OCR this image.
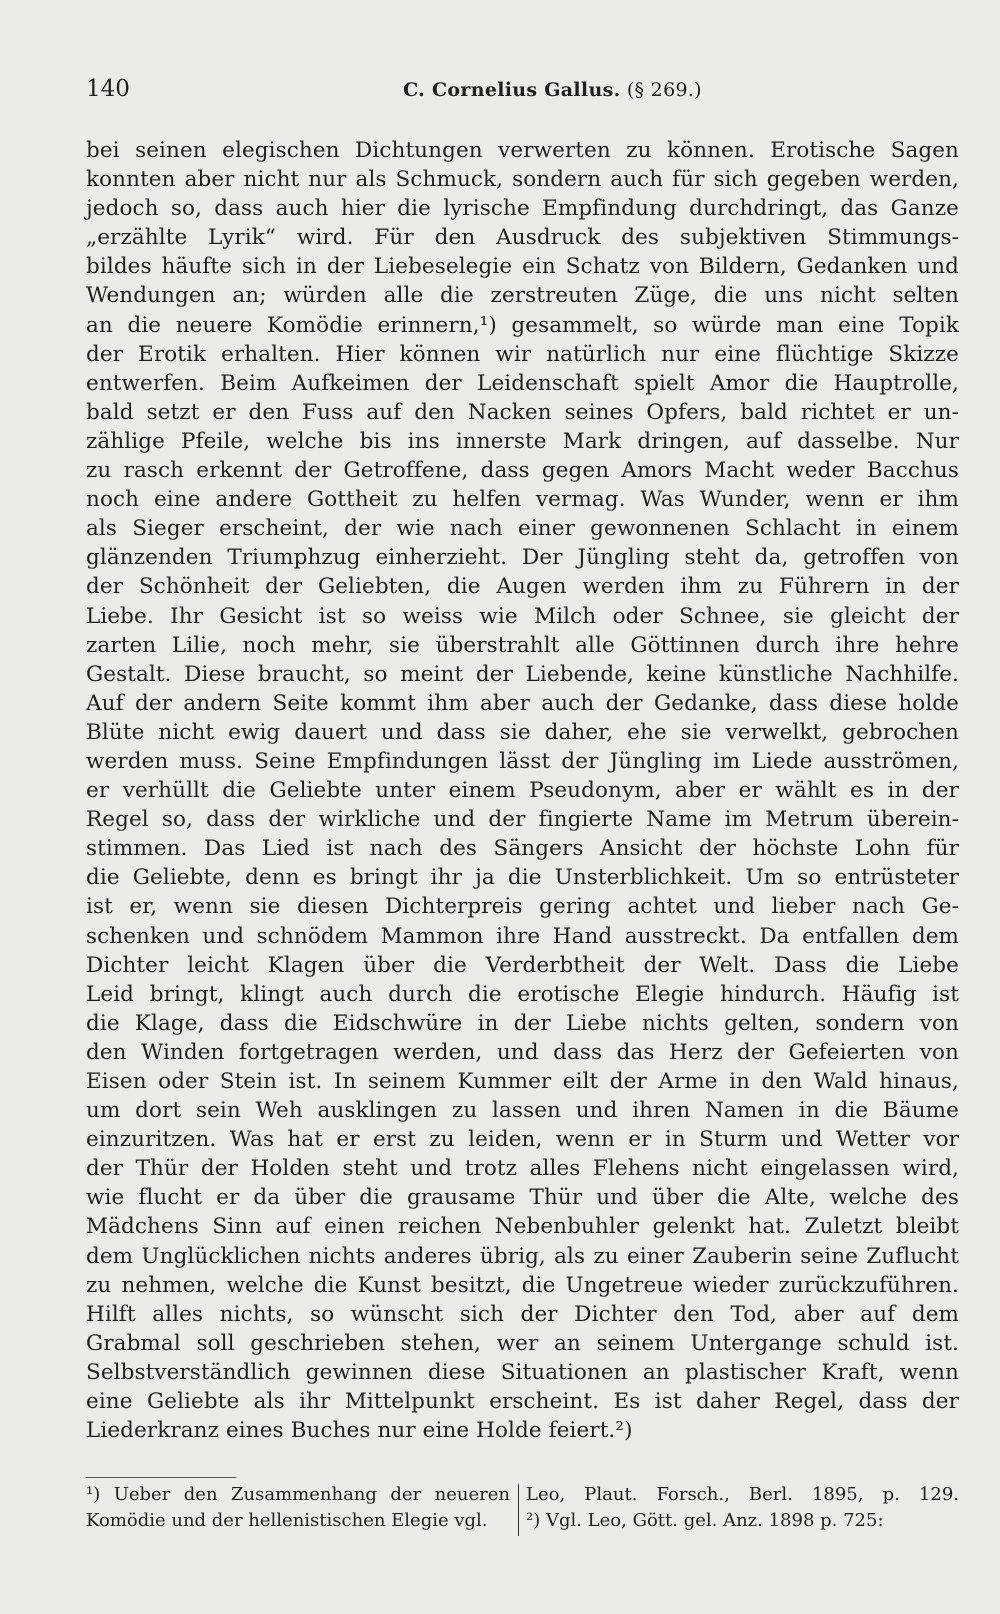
140	C. Cornelius Gallus. (§ 269.)
bei seinen elegischen Dichtungen verwerten zu können. Erotische Sagen
konnten aber nicht nur als Schmuck, sondern auch für sich gegeben werden,
jedoch so, dass auch hier die lyrische Empfindung durchdringt, das Ganze
„erzählte Lyrik“ wird. Für den Ausdruck des subjektiven Stimmungs-
bildes häufte sich in der Liebeselegie ein Schatz von Bildern, Gedanken und
Wendungen an; würden alle die zerstreuten Züge, die uns nicht selten
an die neuere Komödie erinnern,¹) gesammelt, so würde man eine Topik
der Erotik erhalten. Hier können wir natürlich nur eine flüchtige Skizze
entwerfen. Beim Aufkeimen der Leidenschaft spielt Amor die Hauptrolle,
bald setzt er den Fuss auf den Nacken seines Opfers, bald richtet er un-
zählige Pfeile, welche bis ins innerste Mark dringen, auf dasselbe. Nur
zu rasch erkennt der Getroffene, dass gegen Amors Macht weder Bacchus
noch eine andere Gottheit zu helfen vermag. Was Wunder, wenn er ihm
als Sieger erscheint, der wie nach einer gewonnenen Schlacht in einem
glänzenden Triumphzug einherzieht. Der Jüngling steht da, getroffen von
der Schönheit der Geliebten, die Augen werden ihm zu Führern in der
Liebe. Ihr Gesicht ist so weiss wie Milch oder Schnee, sie gleicht der
zarten Lilie, noch mehr, sie überstrahlt alle Göttinnen durch ihre hehre
Gestalt. Diese braucht, so meint der Liebende, keine künstliche Nachhilfe.
Auf der andern Seite kommt ihm aber auch der Gedanke, dass diese holde
Blüte nicht ewig dauert und dass sie daher, ehe sie verwelkt, gebrochen
werden muss. Seine Empfindungen lässt der Jüngling im Liede ausströmen,
er verhüllt die Geliebte unter einem Pseudonym, aber er wählt es in der
Regel so, dass der wirkliche und der fingierte Name im Metrum überein-
stimmen. Das Lied ist nach des Sängers Ansicht der höchste Lohn für
die Geliebte, denn es bringt ihr ja die Unsterblichkeit. Um so entrüsteter
ist er, wenn sie diesen Dichterpreis gering achtet und lieber nach Ge-
schenken und schnödem Mammon ihre Hand ausstreckt. Da entfallen dem
Dichter leicht Klagen über die Verderbtheit der Welt. Dass die Liebe
Leid bringt, klingt auch durch die erotische Elegie hindurch. Häufig ist
die Klage, dass die Eidschwüre in der Liebe nichts gelten, sondern von
den Winden fortgetragen werden, und dass das Herz der Gefeierten von
Eisen oder Stein ist. In seinem Kummer eilt der Arme in den Wald hinaus,
um dort sein Weh ausklingen zu lassen und ihren Namen in die Bäume
einzuritzen. Was hat er erst zu leiden, wenn er in Sturm und Wetter vor
der Thür der Holden steht und trotz alles Flehens nicht eingelassen wird,
wie flucht er da über die grausame Thür und über die Alte, welche des
Mädchens Sinn auf einen reichen Nebenbuhler gelenkt hat. Zuletzt bleibt
dem Unglücklichen nichts anderes übrig, als zu einer Zauberin seine Zuflucht
zu nehmen, welche die Kunst besitzt, die Ungetreue wieder zurückzuführen.
Hilft alles nichts, so wünscht sich der Dichter den Tod, aber auf dem
Grabmal soll geschrieben stehen, wer an seinem Untergange schuld ist.
Selbstverständlich gewinnen diese Situationen an plastischer Kraft, wenn
eine Geliebte als ihr Mittelpunkt erscheint. Es ist daher Regel, dass der
Liederkranz eines Buches nur eine Holde feiert.²)
¹) Ueber den Zusammenhang der neueren
Komödie und der hellenistischen Elegie vgl.
Leo, Plaut. Forsch., Berl. 1895, p. 129.
²) Vgl. Leo, Gött. gel. Anz. 1898 p. 725:
